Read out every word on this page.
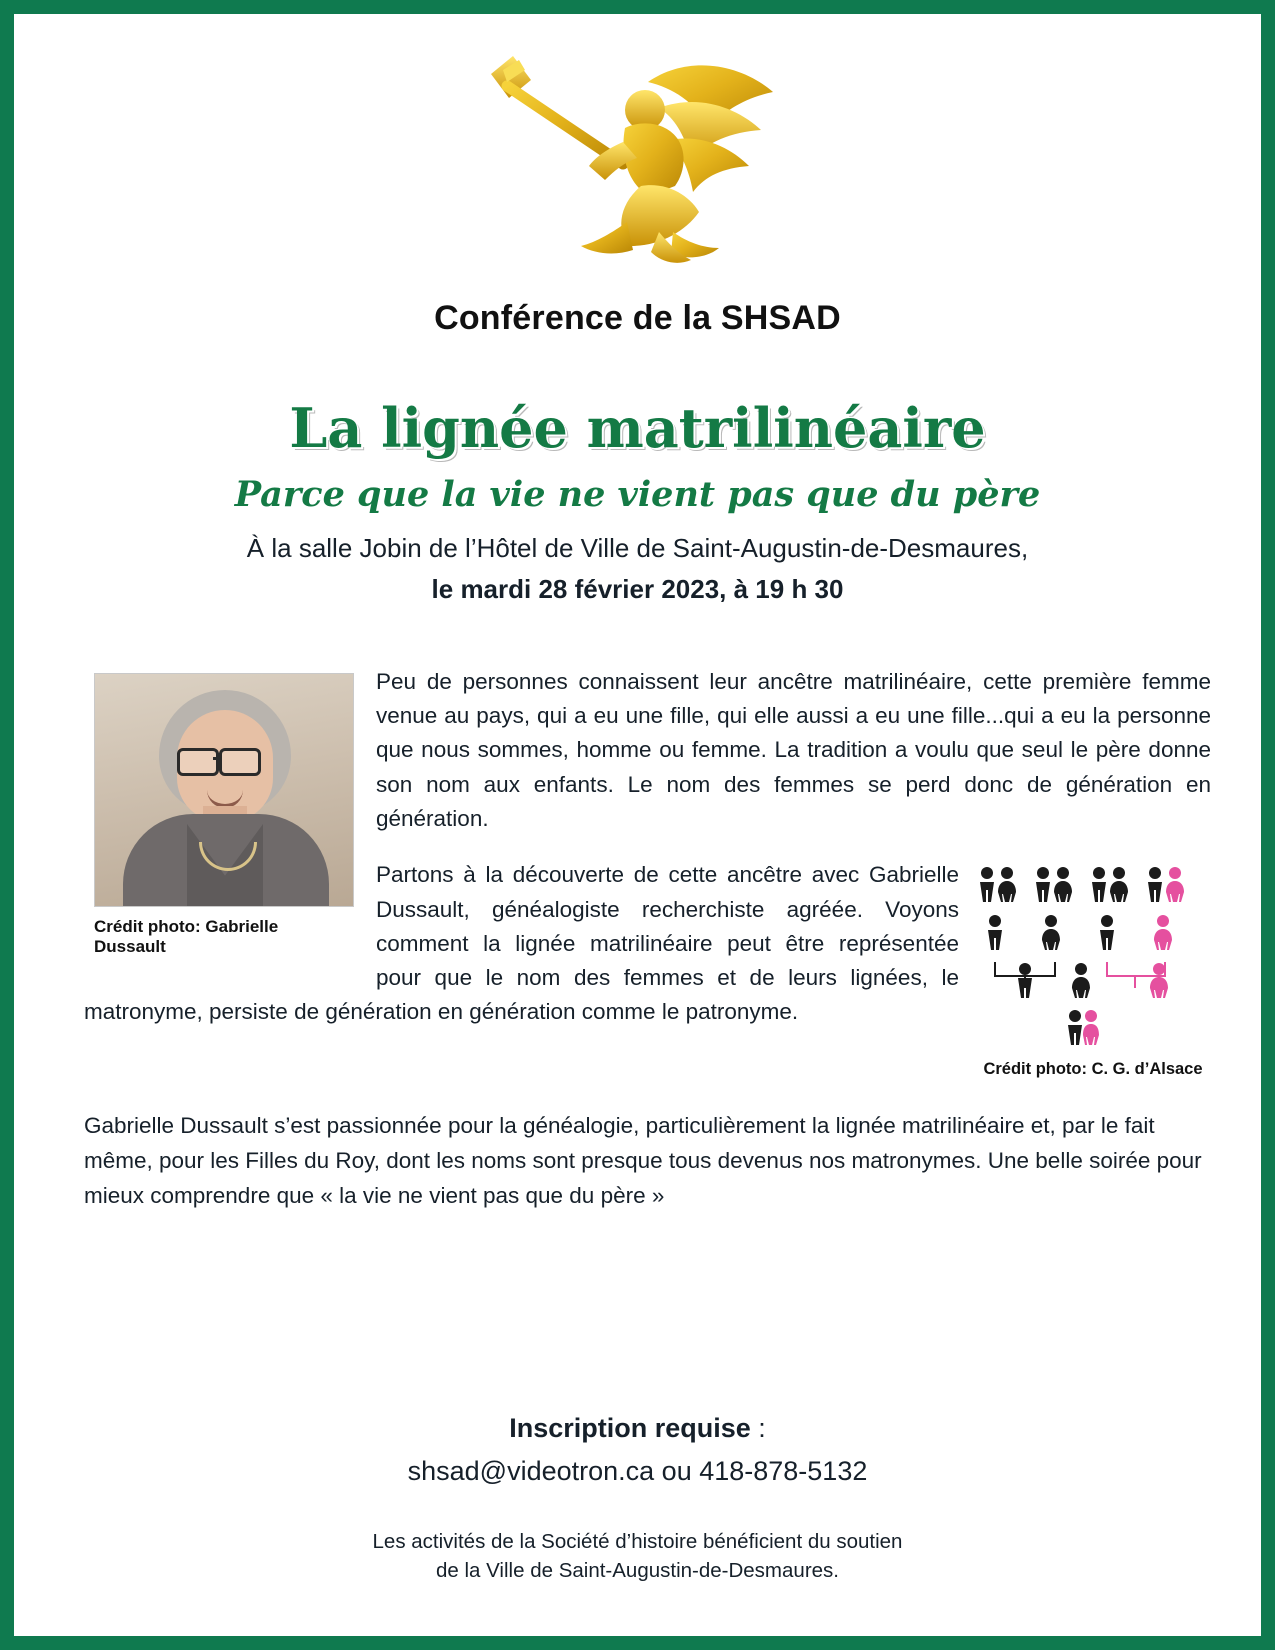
Conférence de la SHSAD
La lignée matrilinéaire
Parce que la vie ne vient pas que du père
À la salle Jobin de l’Hôtel de Ville de Saint-Augustin-de-Desmaures,
le mardi 28 février 2023, à 19 h 30
Crédit photo: Gabrielle Dussault

Peu de personnes connaissent leur ancêtre matrilinéaire, cette première femme venue au pays, qui a eu une fille, qui elle aussi a eu une fille...qui a eu la personne que nous sommes, homme ou femme. La tradition a voulu que seul le père donne son nom aux enfants. Le nom des femmes se perd donc de génération en génération.

Crédit photo: C. G. d’Alsace

Partons à la découverte de cette ancêtre avec Gabrielle Dussault, généalogiste recherchiste agréée. Voyons comment la lignée matrilinéaire peut être représentée pour que le nom des femmes et de leurs lignées, le matronyme, persiste de génération en génération comme le patronyme.

Gabrielle Dussault s’est passionnée pour la généalogie, particulièrement la lignée matrilinéaire et, par le fait même, pour les Filles du Roy, dont les noms sont presque tous devenus nos matronymes. Une belle soirée pour mieux comprendre que « la vie ne vient pas que du père »

Inscription requise :
shsad@videotron.ca ou 418-878-5132
Les activités de la Société d’histoire bénéficient du soutien
de la Ville de Saint-Augustin-de-Desmaures.
